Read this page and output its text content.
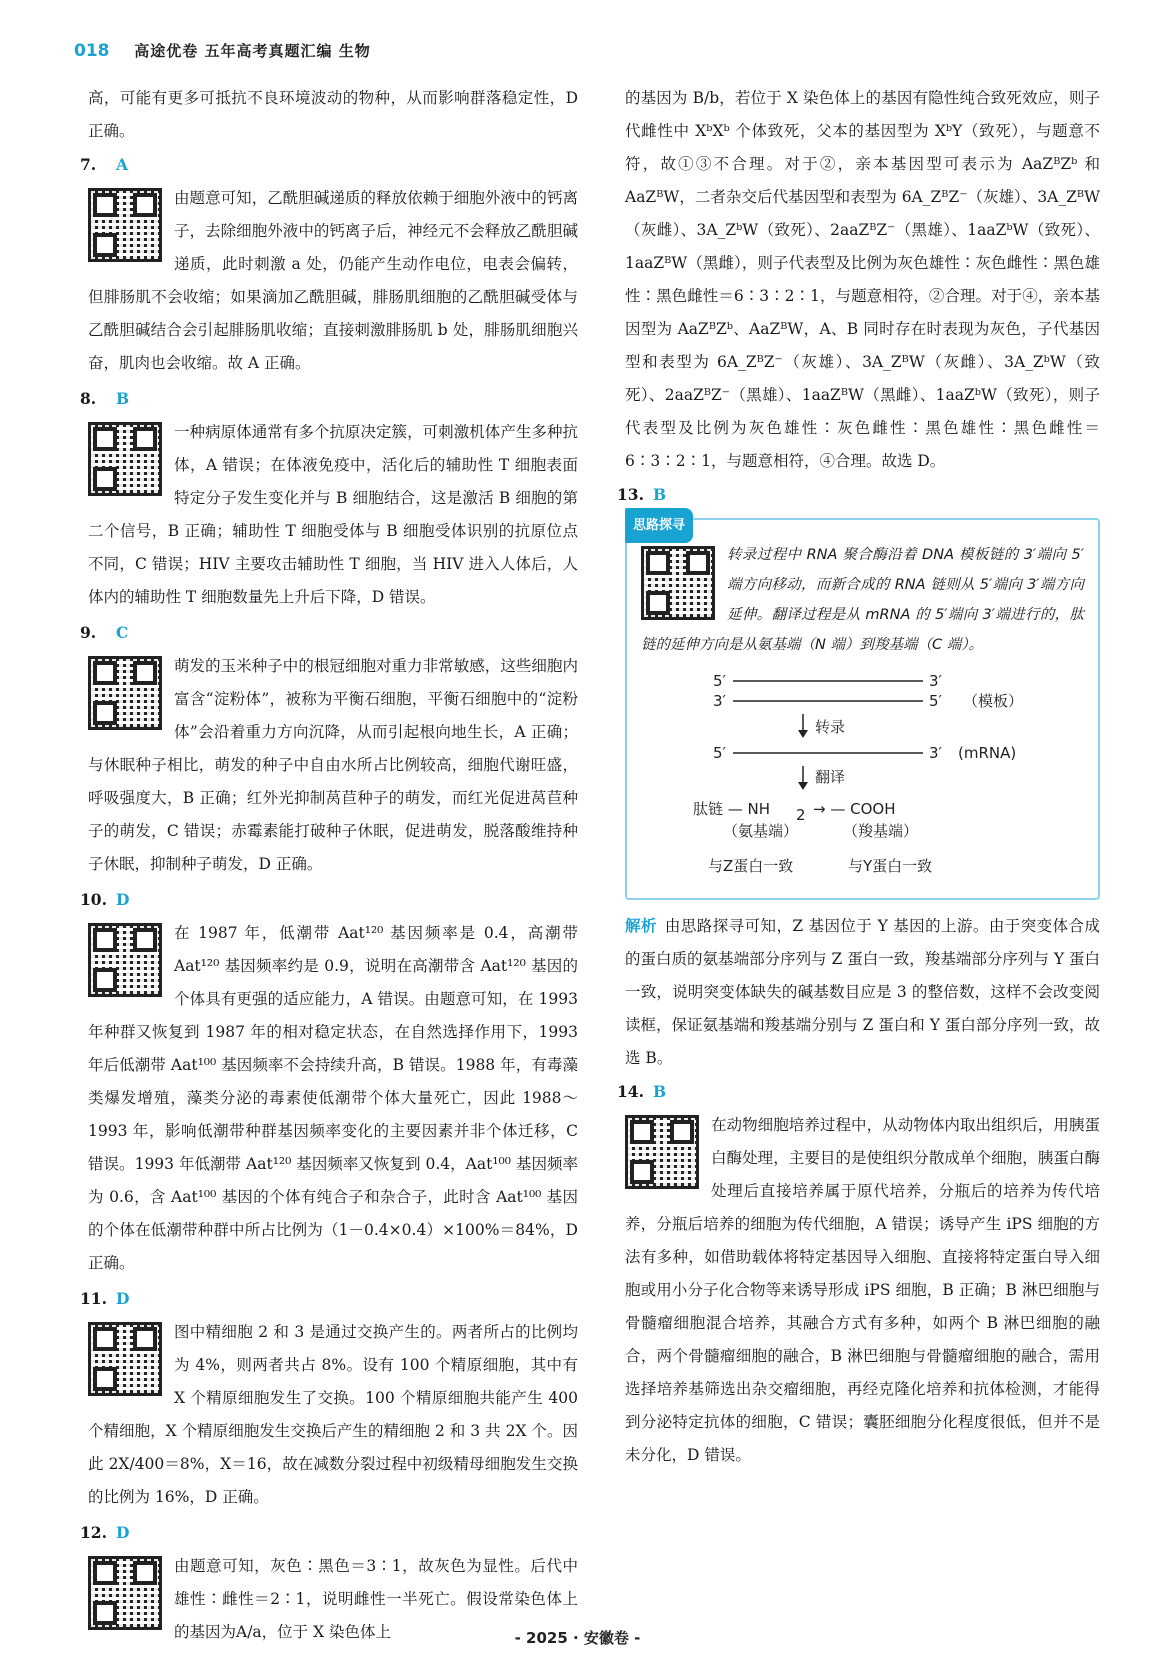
018 高途优卷 五年高考真题汇编 生物

高，可能有更多可抵抗不良环境波动的物种，从而影响群落稳定性，D 正确。

7.	A

由题意可知，乙酰胆碱递质的释放依赖于细胞外液中的钙离子，去除细胞外液中的钙离子后，神经元不会释放乙酰胆碱递质，此时刺激 a 处，仍能产生动作电位，电表会偏转，但腓肠肌不会收缩；如果滴加乙酰胆碱，腓肠肌细胞的乙酰胆碱受体与乙酰胆碱结合会引起腓肠肌收缩；直接刺激腓肠肌 b 处，腓肠肌细胞兴奋，肌肉也会收缩。故 A 正确。

8.	B

一种病原体通常有多个抗原决定簇，可刺激机体产生多种抗体，A 错误；在体液免疫中，活化后的辅助性 T 细胞表面特定分子发生变化并与 B 细胞结合，这是激活 B 细胞的第二个信号，B 正确；辅助性 T 细胞受体与 B 细胞受体识别的抗原位点不同，C 错误；HIV 主要攻击辅助性 T 细胞，当 HIV 进入人体后，人体内的辅助性 T 细胞数量先上升后下降，D 错误。

9.	C

萌发的玉米种子中的根冠细胞对重力非常敏感，这些细胞内富含“淀粉体”，被称为平衡石细胞，平衡石细胞中的“淀粉体”会沿着重力方向沉降，从而引起根向地生长，A 正确；与休眠种子相比，萌发的种子中自由水所占比例较高，细胞代谢旺盛，呼吸强度大，B 正确；红外光抑制莴苣种子的萌发，而红光促进莴苣种子的萌发，C 错误；赤霉素能打破种子休眠，促进萌发，脱落酸维持种子休眠，抑制种子萌发，D 正确。

10. D

在 1987 年，低潮带 Aat¹²⁰ 基因频率是 0.4，高潮带 Aat¹²⁰ 基因频率约是 0.9，说明在高潮带含 Aat¹²⁰ 基因的个体具有更强的适应能力，A 错误。由题意可知，在 1993 年种群又恢复到 1987 年的相对稳定状态，在自然选择作用下，1993 年后低潮带 Aat¹⁰⁰ 基因频率不会持续升高，B 错误。1988 年，有毒藻类爆发增殖，藻类分泌的毒素使低潮带个体大量死亡，因此 1988～1993 年，影响低潮带种群基因频率变化的主要因素并非个体迁移，C 错误。1993 年低潮带 Aat¹²⁰ 基因频率又恢复到 0.4，Aat¹⁰⁰ 基因频率为 0.6，含 Aat¹⁰⁰ 基因的个体有纯合子和杂合子，此时含 Aat¹⁰⁰ 基因的个体在低潮带种群中所占比例为（1－0.4×0.4）×100%＝84%，D 正确。

11. D

图中精细胞 2 和 3 是通过交换产生的。两者所占的比例均为 4%，则两者共占 8%。设有 100 个精原细胞，其中有 X 个精原细胞发生了交换。100 个精原细胞共能产生 400 个精细胞，X 个精原细胞发生交换后产生的精细胞 2 和 3 共 2X 个。因此 2X/400＝8%，X＝16，故在减数分裂过程中初级精母细胞发生交换的比例为 16%，D 正确。

12. D

由题意可知，灰色∶黑色＝3∶1，故灰色为显性。后代中雄性∶雌性＝2∶1，说明雌性一半死亡。假设常染色体上的基因为A/a，位于 X 染色体上

的基因为 B/b，若位于 X 染色体上的基因有隐性纯合致死效应，则子代雌性中 XᵇXᵇ 个体致死，父本的基因型为 XᵇY（致死），与题意不符，故①③不合理。对于②，亲本基因型可表示为 AaZᴮZᵇ 和 AaZᴮW，二者杂交后代基因型和表型为 6A_ZᴮZ⁻（灰雄）、3A_ZᴮW（灰雌）、3A_ZᵇW（致死）、2aaZᴮZ⁻（黑雄）、1aaZᵇW（致死）、1aaZᴮW（黑雌），则子代表型及比例为灰色雄性∶灰色雌性∶黑色雄性∶黑色雌性＝6∶3∶2∶1，与题意相符，②合理。对于④，亲本基因型为 AaZᴮZᵇ、AaZᴮW，A、B 同时存在时表现为灰色，子代基因型和表型为 6A_ZᴮZ⁻（灰雄）、3A_ZᴮW（灰雌）、3A_ZᵇW（致死）、2aaZᴮZ⁻（黑雄）、1aaZᴮW（黑雌）、1aaZᵇW（致死），则子代表型及比例为灰色雄性∶灰色雌性∶黑色雄性∶黑色雌性＝6∶3∶2∶1，与题意相符，④合理。故选 D。

13. B

思路探寻

转录过程中 RNA 聚合酶沿着 DNA 模板链的 3′端向 5′端方向移动，而新合成的 RNA 链则从 5′端向 3′端方向延伸。翻译过程是从 mRNA 的 5′端向 3′端进行的，肽链的延伸方向是从氨基端（N 端）到羧基端（C 端）。

5′	3′
3′	5′ （模板）
转录
5′	3′ (mRNA)
翻译
肽链 — NH 2 → — COOH
（氨基端）	（羧基端）
与Z蛋白一致	与Y蛋白一致

解析 由思路探寻可知，Z 基因位于 Y 基因的上游。由于突变体合成的蛋白质的氨基端部分序列与 Z 蛋白一致，羧基端部分序列与 Y 蛋白一致，说明突变体缺失的碱基数目应是 3 的整倍数，这样不会改变阅读框，保证氨基端和羧基端分别与 Z 蛋白和 Y 蛋白部分序列一致，故选 B。

14. B

在动物细胞培养过程中，从动物体内取出组织后，用胰蛋白酶处理，主要目的是使组织分散成单个细胞，胰蛋白酶处理后直接培养属于原代培养，分瓶后的培养为传代培养，分瓶后培养的细胞为传代细胞，A 错误；诱导产生 iPS 细胞的方法有多种，如借助载体将特定基因导入细胞、直接将特定蛋白导入细胞或用小分子化合物等来诱导形成 iPS 细胞，B 正确；B 淋巴细胞与骨髓瘤细胞混合培养，其融合方式有多种，如两个 B 淋巴细胞的融合，两个骨髓瘤细胞的融合，B 淋巴细胞与骨髓瘤细胞的融合，需用选择培养基筛选出杂交瘤细胞，再经克隆化培养和抗体检测，才能得到分泌特定抗体的细胞，C 错误；囊胚细胞分化程度很低，但并不是未分化，D 错误。

- 2025 · 安徽卷 -
